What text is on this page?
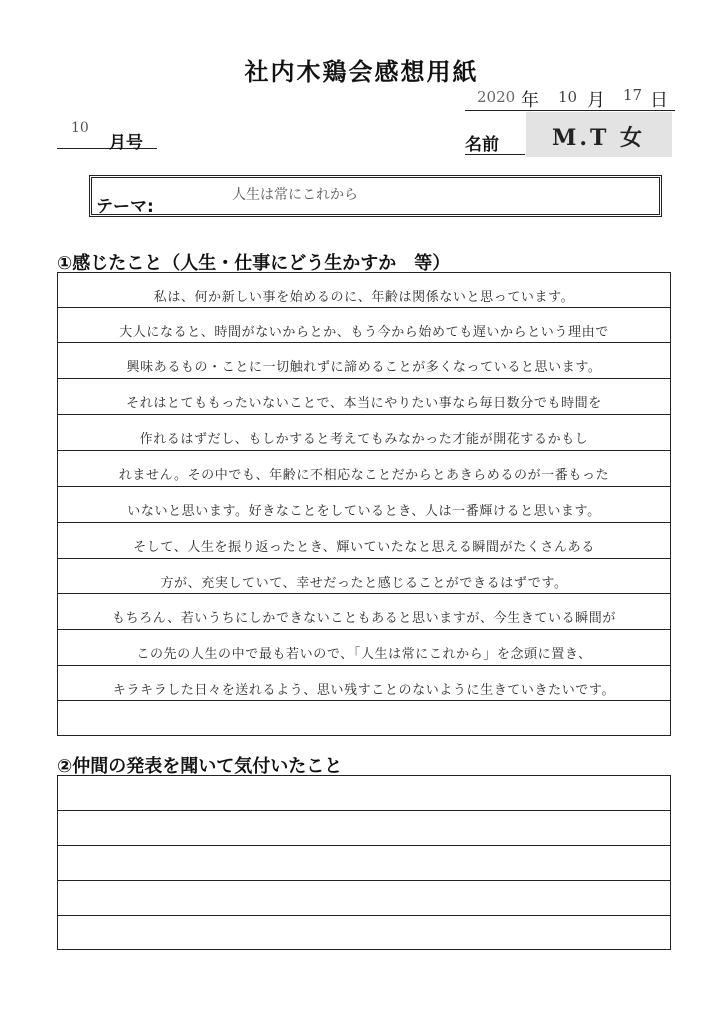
社内木鶏会感想用紙
2020 年 10 月 17 日
10
月号	名前	M.T 女
テーマ:
人生は常にこれから
①感じたこと（人生・仕事にどう生かすか　等）
私は、何か新しい事を始めるのに、年齢は関係ないと思っています。
大人になると、時間がないからとか、もう今から始めても遅いからという理由で
興味あるもの・ことに一切触れずに諦めることが多くなっていると思います。
それはとてももったいないことで、本当にやりたい事なら毎日数分でも時間を
作れるはずだし、もしかすると考えてもみなかった才能が開花するかもし
れません。その中でも、年齢に不相応なことだからとあきらめるのが一番もった
いないと思います。好きなことをしているとき、人は一番輝けると思います。
そして、人生を振り返ったとき、輝いていたなと思える瞬間がたくさんある
方が、充実していて、幸せだったと感じることができるはずです。
もちろん、若いうちにしかできないこともあると思いますが、今生きている瞬間が
この先の人生の中で最も若いので、「人生は常にこれから」を念頭に置き、
キラキラした日々を送れるよう、思い残すことのないように生きていきたいです。
②仲間の発表を聞いて気付いたこと
